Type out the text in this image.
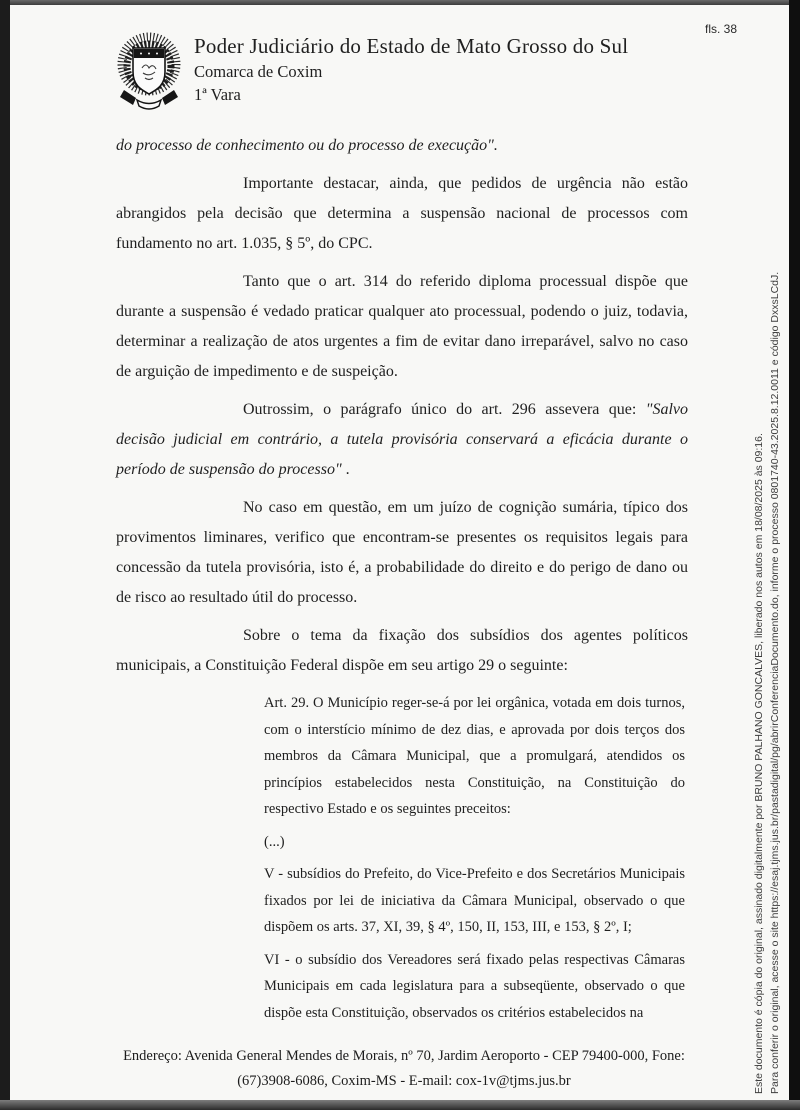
Poder Judiciário do Estado de Mato Grosso do Sul
Comarca de Coxim
1ª Vara
fls. 38

do processo de conhecimento ou do processo de execução".

Importante destacar, ainda, que pedidos de urgência não estão abrangidos pela decisão que determina a suspensão nacional de processos com fundamento no art. 1.035, § 5º, do CPC.

Tanto que o art. 314 do referido diploma processual dispõe que durante a suspensão é vedado praticar qualquer ato processual, podendo o juiz, todavia, determinar a realização de atos urgentes a fim de evitar dano irreparável, salvo no caso de arguição de impedimento e de suspeição.

Outrossim, o parágrafo único do art. 296 assevera que: "Salvo decisão judicial em contrário, a tutela provisória conservará a eficácia durante o período de suspensão do processo" .

No caso em questão, em um juízo de cognição sumária, típico dos provimentos liminares, verifico que encontram-se presentes os requisitos legais para concessão da tutela provisória, isto é, a probabilidade do direito e do perigo de dano ou de risco ao resultado útil do processo.

Sobre o tema da fixação dos subsídios dos agentes políticos municipais, a Constituição Federal dispõe em seu artigo 29 o seguinte:

Art. 29. O Município reger-se-á por lei orgânica, votada em dois turnos, com o interstício mínimo de dez dias, e aprovada por dois terços dos membros da Câmara Municipal, que a promulgará, atendidos os princípios estabelecidos nesta Constituição, na Constituição do respectivo Estado e os seguintes preceitos:

(...)

V - subsídios do Prefeito, do Vice-Prefeito e dos Secretários Municipais fixados por lei de iniciativa da Câmara Municipal, observado o que dispõem os arts. 37, XI, 39, § 4º, 150, II, 153, III, e 153, § 2º, I;

VI - o subsídio dos Vereadores será fixado pelas respectivas Câmaras Municipais em cada legislatura para a subseqüente, observado o que dispõe esta Constituição, observados os critérios estabelecidos na

Endereço: Avenida General Mendes de Morais, nº 70, Jardim Aeroporto - CEP 79400-000, Fone:
(67)3908-6086, Coxim-MS - E-mail: cox-1v@tjms.jus.br	Este documento é cópia do original, assinado digitalmente por BRUNO PALHANO GONCALVES, liberado nos autos em 18/08/2025 às 09:16. Para conferir o original, acesse o site https://esaj.tjms.jus.br/pastadigital/pg/abrirConferenciaDocumento.do, informe o processo 0801740-43.2025.8.12.0011 e código DxxsLCdJ.
